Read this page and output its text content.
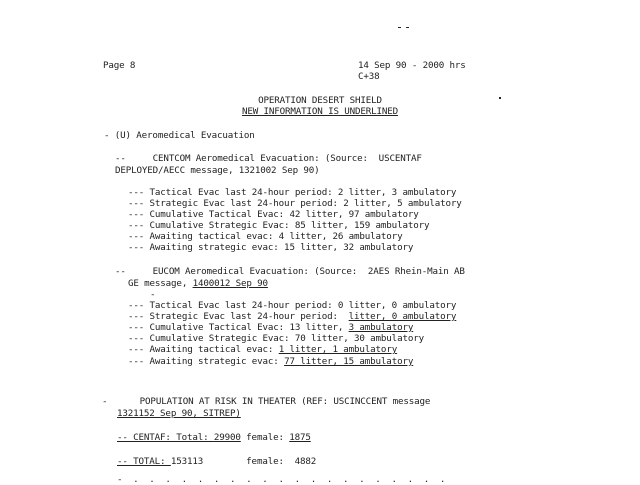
Page 8	14 Sep 90 - 2000 hrs
C+38
OPERATION DESERT SHIELD
NEW INFORMATION IS UNDERLINED
- (U) Aeromedical Evacuation
--     CENTCOM Aeromedical Evacuation: (Source:  USCENTAF
DEPLOYED/AECC message, 1321002 Sep 90)
--- Tactical Evac last 24-hour period: 2 litter, 3 ambulatory
--- Strategic Evac last 24-hour period: 2 litter, 5 ambulatory
--- Cumulative Tactical Evac: 42 litter, 97 ambulatory
--- Cumulative Strategic Evac: 85 litter, 159 ambulatory
--- Awaiting tactical evac: 4 litter, 26 ambulatory
--- Awaiting strategic evac: 15 litter, 32 ambulatory
--     EUCOM Aeromedical Evacuation: (Source:  2AES Rhein-Main AB
GE message, 1400012 Sep 90
-
--- Tactical Evac last 24-hour period: 0 litter, 0 ambulatory
--- Strategic Evac last 24-hour period:  litter, 0 ambulatory
--- Cumulative Tactical Evac: 13 litter, 3 ambulatory
--- Cumulative Strategic Evac: 70 litter, 30 ambulatory
--- Awaiting tactical evac: 1 litter, 1 ambulatory
--- Awaiting strategic evac: 77 litter, 15 ambulatory
-      POPULATION AT RISK IN THEATER (REF: USCINCCENT message
1321152 Sep 90, SITREP)
-- CENTAF: Total: 29900 female: 1875
-- TOTAL: 153113        female:  4882
-  .  .  .  .  .  .  .  .  .  .  .  .  .  .  .  .  .  .  .  .
